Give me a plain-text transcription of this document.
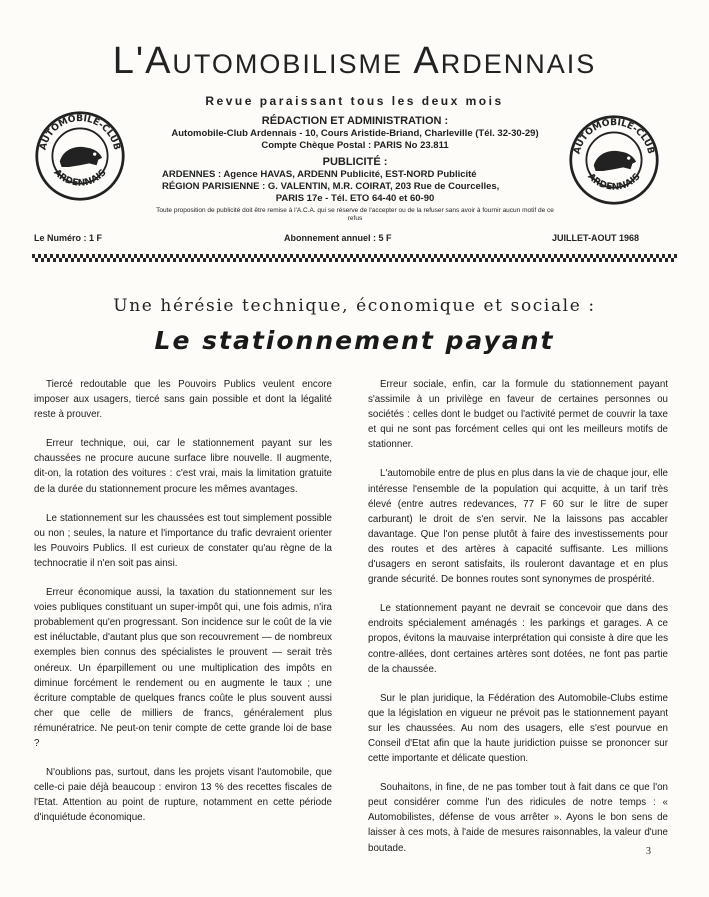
L'Automobilisme Ardennais
Revue paraissant tous les deux mois
AUTOMOBILE-CLUB
ARDENNAIS
AUTOMOBILE-CLUB
ARDENNAIS
RÉDACTION ET ADMINISTRATION :
Automobile-Club Ardennais - 10, Cours Aristide-Briand, Charleville (Tél. 32-30-29)
Compte Chèque Postal : PARIS No 23.811
PUBLICITÉ :
ARDENNES : Agence HAVAS, ARDENN Publicité, EST-NORD Publicité
RÉGION PARISIENNE : G. VALENTIN, M.R. COIRAT, 203 Rue de Courcelles,
PARIS 17e - Tél. ETO 64-40 et 60-90
Toute proposition de publicité doit être remise à l'A.C.A. qui se réserve de l'accepter ou de la refuser sans avoir à fournir aucun motif de ce refus
Le Numéro : 1 F	Abonnement annuel : 5 F	JUILLET-AOUT 1968
Une hérésie technique, économique et sociale :
Le stationnement payant

Tiercé redoutable que les Pouvoirs Publics veulent encore imposer aux usagers, tiercé sans gain possible et dont la légalité reste à prouver.

Erreur technique, oui, car le stationnement payant sur les chaussées ne procure aucune surface libre nouvelle. Il augmente, dit-on, la rotation des voitures : c'est vrai, mais la limitation gratuite de la durée du stationnement procure les mêmes avantages.

Le stationnement sur les chaussées est tout simplement possible ou non ; seules, la nature et l'importance du trafic devraient orienter les Pouvoirs Publics. Il est curieux de constater qu'au règne de la technocratie il n'en soit pas ainsi.

Erreur économique aussi, la taxation du stationnement sur les voies publiques constituant un super-impôt qui, une fois admis, n'ira probablement qu'en progressant. Son incidence sur le coût de la vie est inéluctable, d'autant plus que son recouvrement — de nombreux exemples bien connus des spécialistes le prouvent — serait très onéreux. Un éparpillement ou une multiplication des impôts en diminue forcément le rendement ou en augmente le taux ; une écriture comptable de quelques francs coûte le plus souvent aussi cher que celle de milliers de francs, généralement plus rémunératrice. Ne peut-on tenir compte de cette grande loi de base ?

N'oublions pas, surtout, dans les projets visant l'automobile, que celle-ci paie déjà beaucoup : environ 13 % des recettes fiscales de l'Etat. Attention au point de rupture, notamment en cette période d'inquiétude économique.

Erreur sociale, enfin, car la formule du stationnement payant s'assimile à un privilège en faveur de certaines personnes ou sociétés : celles dont le budget ou l'activité permet de couvrir la taxe et qui ne sont pas forcément celles qui ont les meilleurs motifs de stationner.

L'automobile entre de plus en plus dans la vie de chaque jour, elle intéresse l'ensemble de la population qui acquitte, à un tarif très élevé (entre autres redevances, 77 F 60 sur le litre de super carburant) le droit de s'en servir. Ne la laissons pas accabler davantage. Que l'on pense plutôt à faire des investissements pour des routes et des artères à capacité suffisante. Les millions d'usagers en seront satisfaits, ils rouleront davantage et en plus grande sécurité. De bonnes routes sont synonymes de prospérité.

Le stationnement payant ne devrait se concevoir que dans des endroits spécialement aménagés : les parkings et garages. A ce propos, évitons la mauvaise interprétation qui consiste à dire que les contre-allées, dont certaines artères sont dotées, ne font pas partie de la chaussée.

Sur le plan juridique, la Fédération des Automobile-Clubs estime que la législation en vigueur ne prévoit pas le stationnement payant sur les chaussées. Au nom des usagers, elle s'est pourvue en Conseil d'Etat afin que la haute juridiction puisse se prononcer sur cette importante et délicate question.

Souhaitons, in fine, de ne pas tomber tout à fait dans ce que l'on peut considérer comme l'un des ridicules de notre temps : « Automobilistes, défense de vous arrêter ». Ayons le bon sens de laisser à ces mots, à l'aide de mesures raisonnables, la valeur d'une boutade.	3
